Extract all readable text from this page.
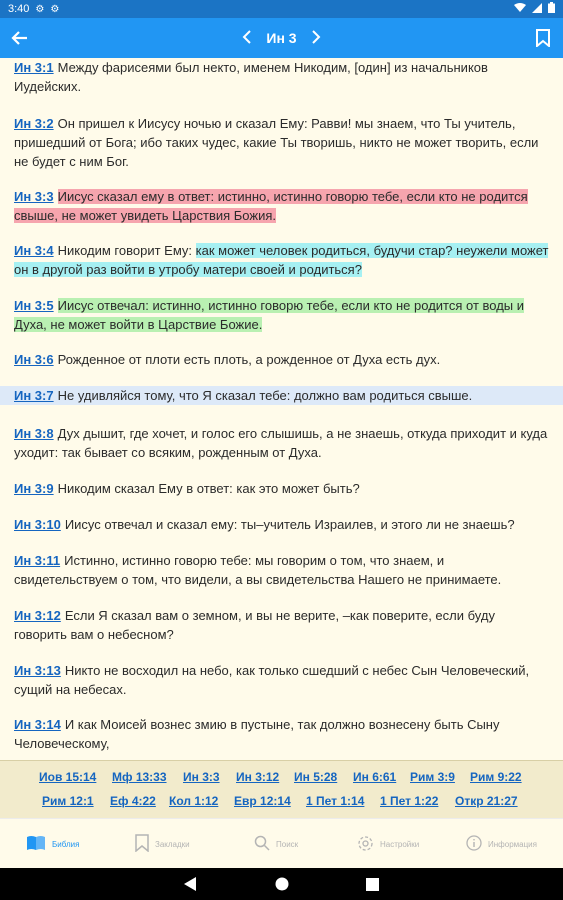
3:40 ⚙ ⚙
Ин 3
Ин 3:1 Между фарисеями был некто, именем Никодим, [один] из начальников Иудейских.
Ин 3:2 Он пришел к Иисусу ночью и сказал Ему: Равви! мы знаем, что Ты учитель, пришедший от Бога; ибо таких чудес, какие Ты творишь, никто не может творить, если не будет с ним Бог.
Ин 3:3 Иисус сказал ему в ответ: истинно, истинно говорю тебе, если кто не родится свыше, не может увидеть Царствия Божия.
Ин 3:4 Никодим говорит Ему: как может человек родиться, будучи стар? неужели может он в другой раз войти в утробу матери своей и родиться?
Ин 3:5 Иисус отвечал: истинно, истинно говорю тебе, если кто не родится от воды и Духа, не может войти в Царствие Божие.
Ин 3:6 Рожденное от плоти есть плоть, а рожденное от Духа есть дух.
Ин 3:7 Не удивляйся тому, что Я сказал тебе: должно вам родиться свыше.
Ин 3:8 Дух дышит, где хочет, и голос его слышишь, а не знаешь, откуда приходит и куда уходит: так бывает со всяким, рожденным от Духа.
Ин 3:9 Никодим сказал Ему в ответ: как это может быть?
Ин 3:10 Иисус отвечал и сказал ему: ты–учитель Израилев, и этого ли не знаешь?
Ин 3:11 Истинно, истинно говорю тебе: мы говорим о том, что знаем, и свидетельствуем о том, что видели, а вы свидетельства Нашего не принимаете.
Ин 3:12 Если Я сказал вам о земном, и вы не верите, –как поверите, если буду говорить вам о небесном?
Ин 3:13 Никто не восходил на небо, как только сшедший с небес Сын Человеческий, сущий на небесах.
Ин 3:14 И как Моисей вознес змию в пустыне, так должно вознесену быть Сыну Человеческому,
Иов 15:14 Мф 13:33 Ин 3:3 Ин 3:12 Ин 5:28 Ин 6:61 Рим 3:9 Рим 9:22
Рим 12:1 Еф 4:22 Кол 1:12 Евр 12:14 1 Пет 1:14 1 Пет 1:22 Откр 21:27
Библия	Закладки	Поиск	Настройки	Информация
